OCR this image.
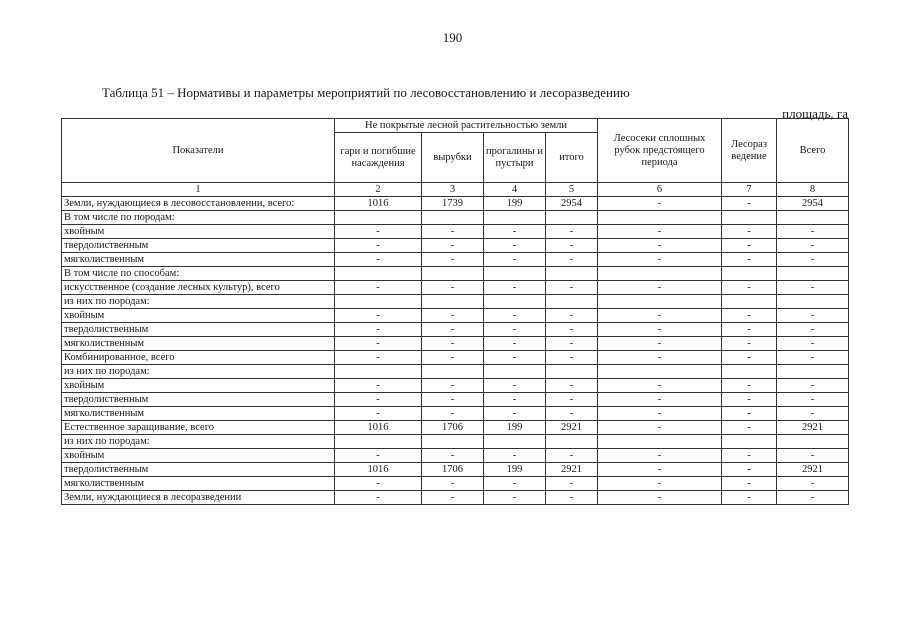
190
Таблица 51 – Нормативы и параметры мероприятий по лесовосстановлению и лесоразведению
площадь, га
Показатели	Не покрытые лесной растительностью земли				Лесосеки сплошных рубок предстоящего периода	Лесораз ведение	Всего
	гари и погибшие насаждения	вырубки	прогалины и пустыри	итого			
1	2	3	4	5	6	7	8
Земли, нуждающиеся в лесовосстановлении, всего:	1016	1739	199	2954	-	-	2954
В том числе по породам:							
хвойным	-	-	-	-	-	-	-
твердолиственным	-	-	-	-	-	-	-
мягколиственным	-	-	-	-	-	-	-
В том числе по способам:							
искусственное (создание лесных культур), всего	-	-	-	-	-	-	-
из них по породам:							
хвойным	-	-	-	-	-	-	-
твердолиственным	-	-	-	-	-	-	-
мягколиственным	-	-	-	-	-	-	-
Комбинированное, всего	-	-	-	-	-	-	-
из них по породам:							
хвойным	-	-	-	-	-	-	-
твердолиственным	-	-	-	-	-	-	-
мягколиственным	-	-	-	-	-	-	-
Естественное заращивание, всего	1016	1706	199	2921	-	-	2921
из них по породам:							
хвойным	-	-	-	-	-	-	-
твердолиственным	1016	1706	199	2921	-	-	2921
мягколиственным	-	-	-	-	-	-	-
Земли, нуждающиеся в лесоразведении	-	-	-	-	-	-	-
